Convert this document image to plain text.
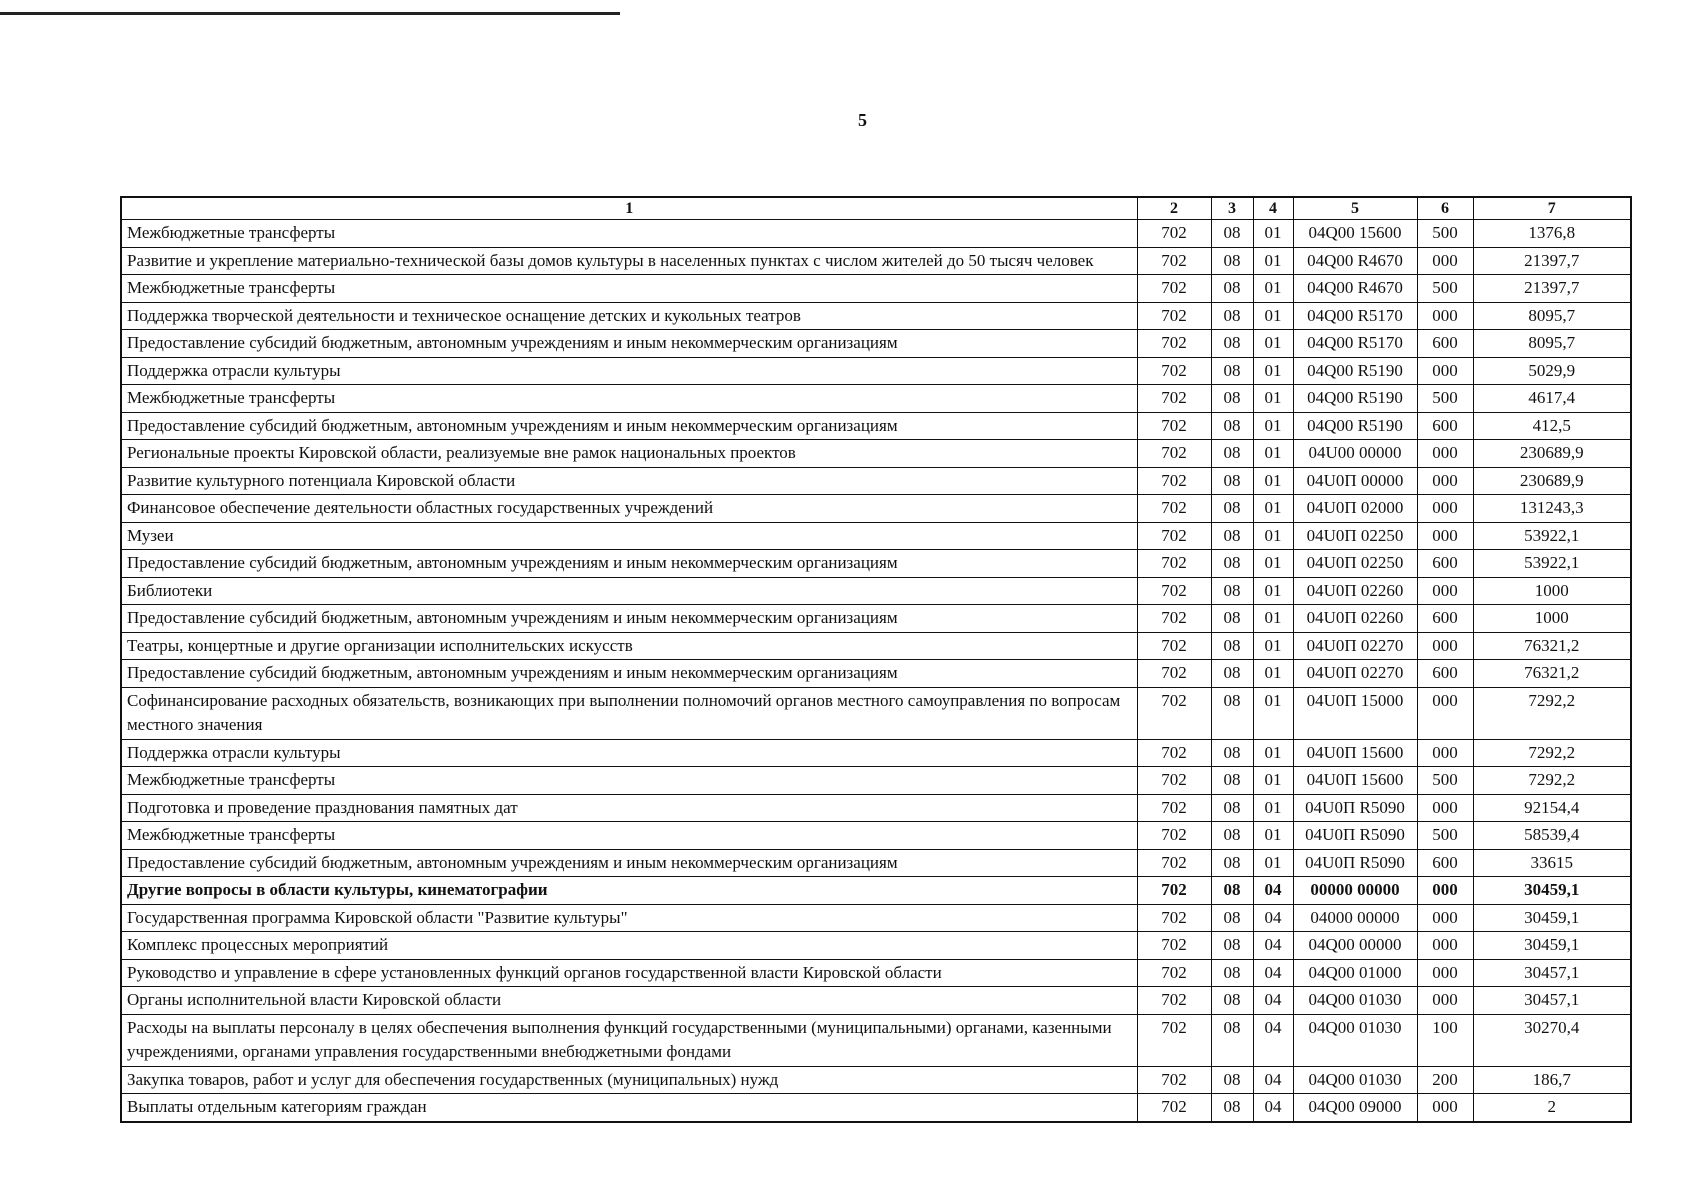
5
1	2	3	4	5	6	7
Межбюджетные трансферты	702	08	01	04Q00 15600	500	1376,8
Развитие и укрепление материально-технической базы домов культуры в населенных пунктах с числом жителей до 50 тысяч человек	702	08	01	04Q00 R4670	000	21397,7
Межбюджетные трансферты	702	08	01	04Q00 R4670	500	21397,7
Поддержка творческой деятельности и техническое оснащение детских и кукольных театров	702	08	01	04Q00 R5170	000	8095,7
Предоставление субсидий бюджетным, автономным учреждениям и иным некоммерческим организациям	702	08	01	04Q00 R5170	600	8095,7
Поддержка отрасли культуры	702	08	01	04Q00 R5190	000	5029,9
Межбюджетные трансферты	702	08	01	04Q00 R5190	500	4617,4
Предоставление субсидий бюджетным, автономным учреждениям и иным некоммерческим организациям	702	08	01	04Q00 R5190	600	412,5
Региональные проекты Кировской области, реализуемые вне рамок национальных проектов	702	08	01	04U00 00000	000	230689,9
Развитие культурного потенциала Кировской области	702	08	01	04U0П 00000	000	230689,9
Финансовое обеспечение деятельности областных государственных учреждений	702	08	01	04U0П 02000	000	131243,3
Музеи	702	08	01	04U0П 02250	000	53922,1
Предоставление субсидий бюджетным, автономным учреждениям и иным некоммерческим организациям	702	08	01	04U0П 02250	600	53922,1
Библиотеки	702	08	01	04U0П 02260	000	1000
Предоставление субсидий бюджетным, автономным учреждениям и иным некоммерческим организациям	702	08	01	04U0П 02260	600	1000
Театры, концертные и другие организации исполнительских искусств	702	08	01	04U0П 02270	000	76321,2
Предоставление субсидий бюджетным, автономным учреждениям и иным некоммерческим организациям	702	08	01	04U0П 02270	600	76321,2
Софинансирование расходных обязательств, возникающих при выполнении полномочий органов местного самоуправления по вопросам местного значения	702	08	01	04U0П 15000	000	7292,2
Поддержка отрасли культуры	702	08	01	04U0П 15600	000	7292,2
Межбюджетные трансферты	702	08	01	04U0П 15600	500	7292,2
Подготовка и проведение празднования памятных дат	702	08	01	04U0П R5090	000	92154,4
Межбюджетные трансферты	702	08	01	04U0П R5090	500	58539,4
Предоставление субсидий бюджетным, автономным учреждениям и иным некоммерческим организациям	702	08	01	04U0П R5090	600	33615
Другие вопросы в области культуры, кинематографии	702	08	04	00000 00000	000	30459,1
Государственная программа Кировской области "Развитие культуры"	702	08	04	04000 00000	000	30459,1
Комплекс процессных мероприятий	702	08	04	04Q00 00000	000	30459,1
Руководство и управление в сфере установленных функций органов государственной власти Кировской области	702	08	04	04Q00 01000	000	30457,1
Органы исполнительной власти Кировской области	702	08	04	04Q00 01030	000	30457,1
Расходы на выплаты персоналу в целях обеспечения выполнения функций государственными (муниципальными) органами, казенными учреждениями, органами управления государственными внебюджетными фондами	702	08	04	04Q00 01030	100	30270,4
Закупка товаров, работ и услуг для обеспечения государственных (муниципальных) нужд	702	08	04	04Q00 01030	200	186,7
Выплаты отдельным категориям граждан	702	08	04	04Q00 09000	000	2
